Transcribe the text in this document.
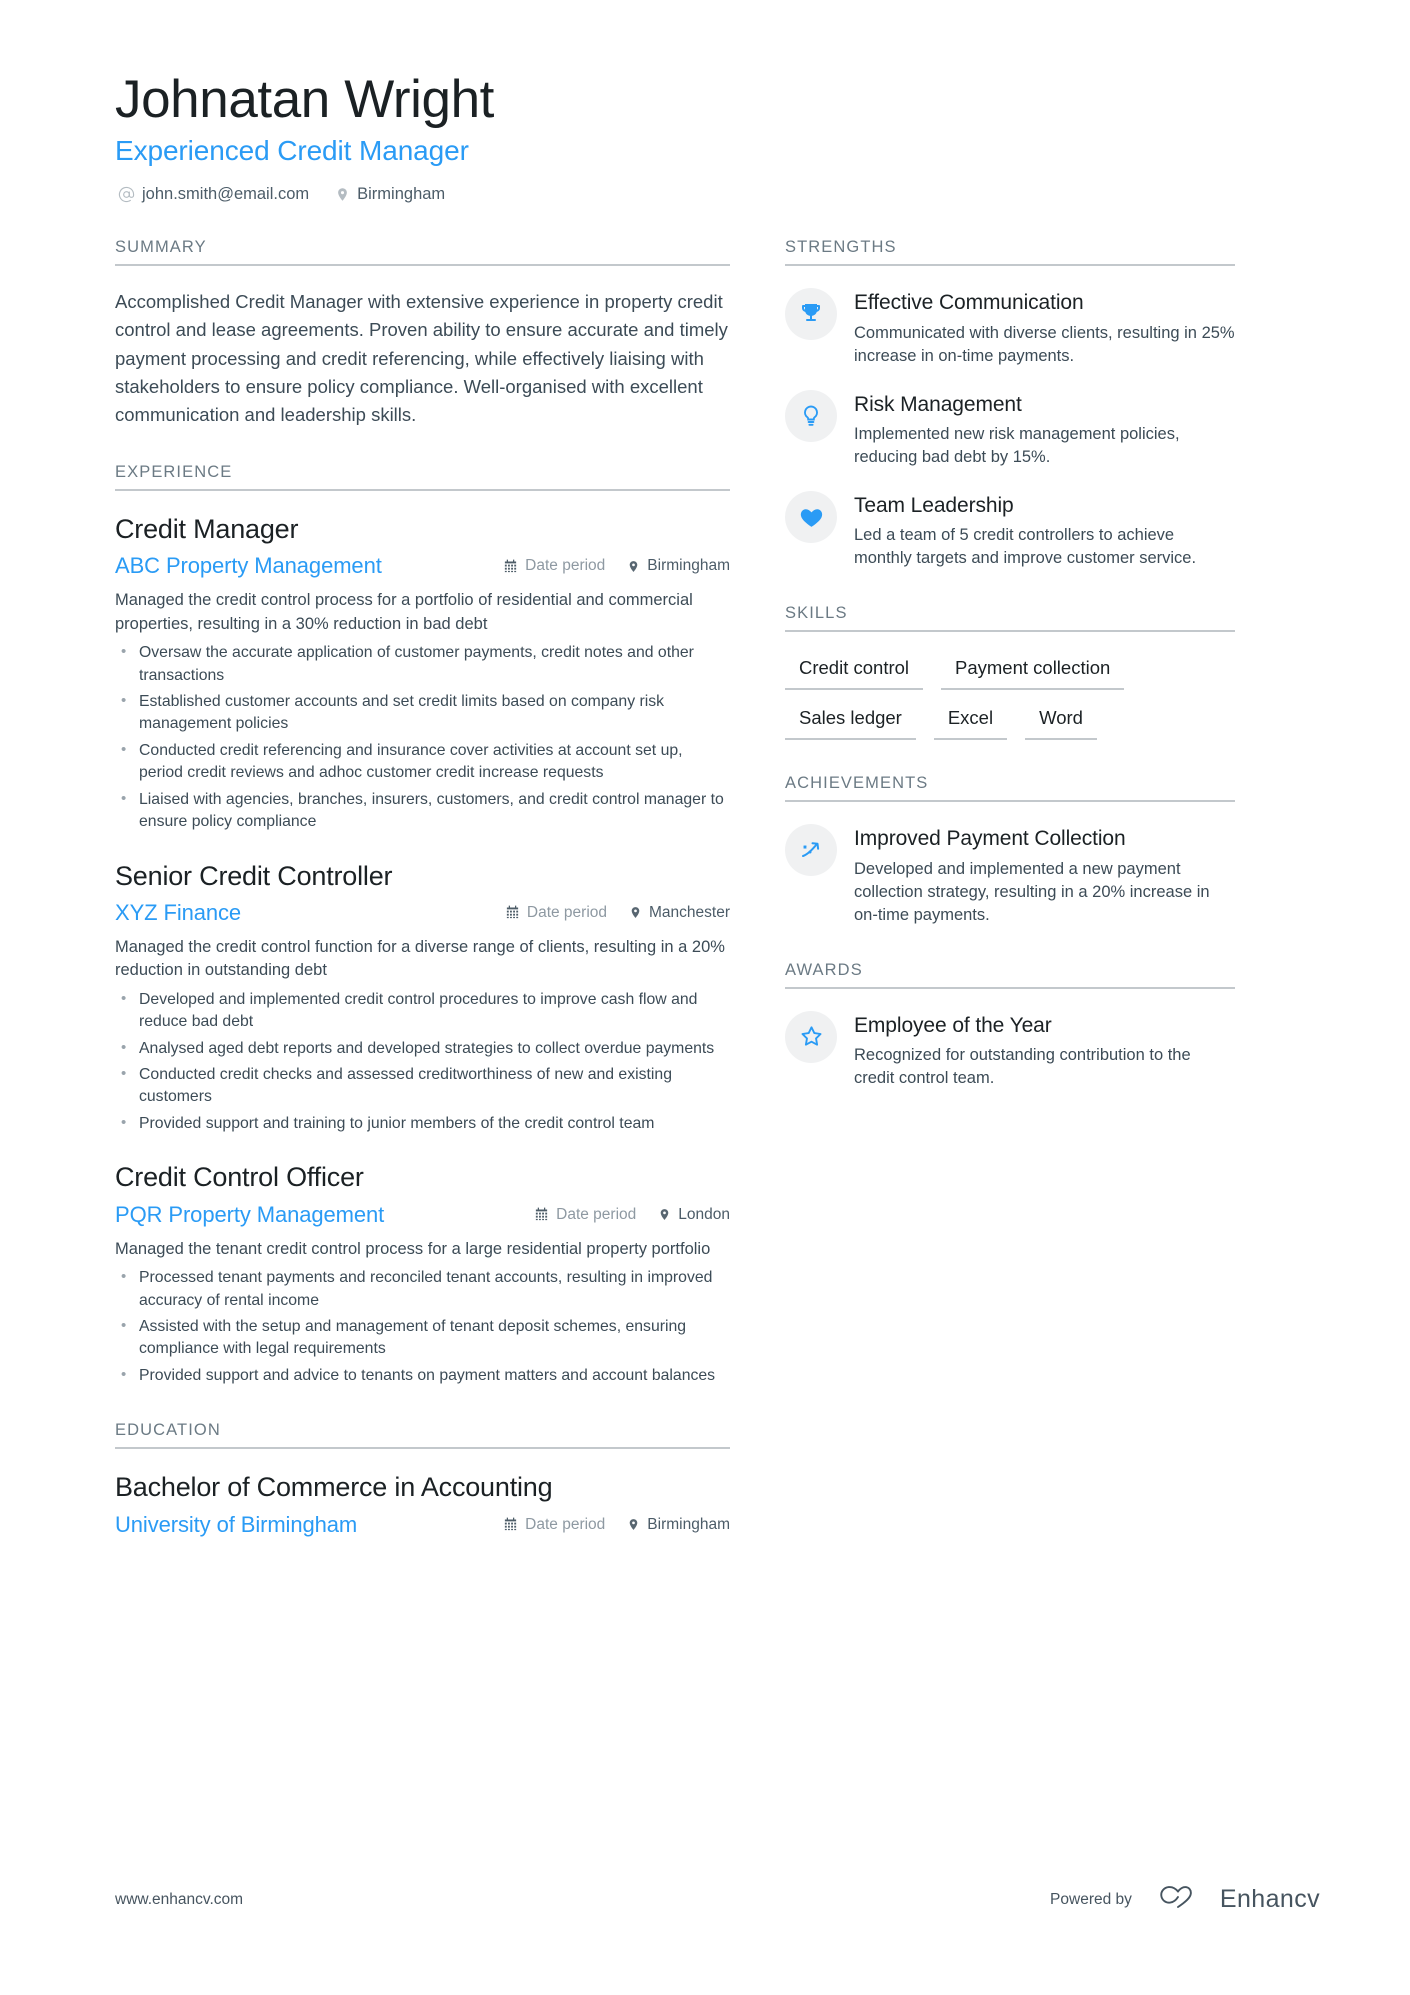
Johnatan Wright
Experienced Credit Manager
john.smith@email.com	Birmingham
SUMMARY
Accomplished Credit Manager with extensive experience in property credit control and lease agreements. Proven ability to ensure accurate and timely payment processing and credit referencing, while effectively liaising with stakeholders to ensure policy compliance. Well-organised with excellent communication and leadership skills.
EXPERIENCE
Credit Manager
ABC Property Management	Date period	Birmingham
Managed the credit control process for a portfolio of residential and commercial properties, resulting in a 30% reduction in bad debt
• Oversaw the accurate application of customer payments, credit notes and other transactions
• Established customer accounts and set credit limits based on company risk management policies
• Conducted credit referencing and insurance cover activities at account set up, period credit reviews and adhoc customer credit increase requests
• Liaised with agencies, branches, insurers, customers, and credit control manager to ensure policy compliance
Senior Credit Controller
XYZ Finance	Date period	Manchester
Managed the credit control function for a diverse range of clients, resulting in a 20% reduction in outstanding debt
• Developed and implemented credit control procedures to improve cash flow and reduce bad debt
• Analysed aged debt reports and developed strategies to collect overdue payments
• Conducted credit checks and assessed creditworthiness of new and existing customers
• Provided support and training to junior members of the credit control team
Credit Control Officer
PQR Property Management	Date period	London
Managed the tenant credit control process for a large residential property portfolio
• Processed tenant payments and reconciled tenant accounts, resulting in improved accuracy of rental income
• Assisted with the setup and management of tenant deposit schemes, ensuring compliance with legal requirements
• Provided support and advice to tenants on payment matters and account balances
EDUCATION
Bachelor of Commerce in Accounting
University of Birmingham	Date period	Birmingham
STRENGTHS
Effective Communication
Communicated with diverse clients, resulting in 25% increase in on-time payments.
Risk Management
Implemented new risk management policies, reducing bad debt by 15%.
Team Leadership
Led a team of 5 credit controllers to achieve monthly targets and improve customer service.
SKILLS
Credit control	Payment collection
Sales ledger	Excel	Word
ACHIEVEMENTS
Improved Payment Collection
Developed and implemented a new payment collection strategy, resulting in a 20% increase in on-time payments.
AWARDS
Employee of the Year
Recognized for outstanding contribution to the credit control team.
www.enhancv.com	Powered by	Enhancv
